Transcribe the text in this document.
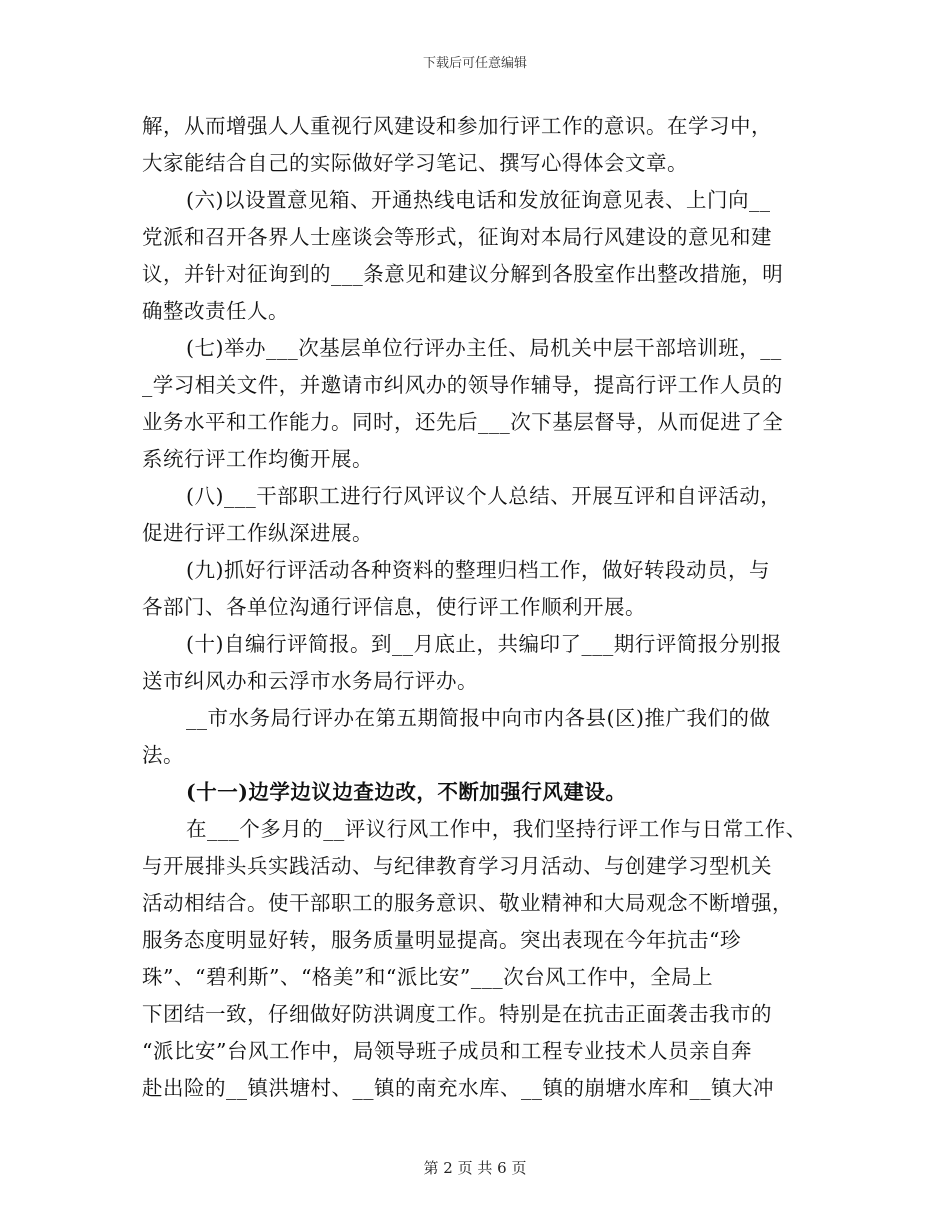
下载后可任意编辑
解，从而增强人人重视行风建设和参加行评工作的意识。在学习中，
大家能结合自己的实际做好学习笔记、撰写心得体会文章。
(六)以设置意见箱、开通热线电话和发放征询意见表、上门向__
党派和召开各界人士座谈会等形式，征询对本局行风建设的意见和建
议，并针对征询到的___条意见和建议分解到各股室作出整改措施，明
确整改责任人。
(七)举办___次基层单位行评办主任、局机关中层干部培训班，__
_学习相关文件，并邀请市纠风办的领导作辅导，提高行评工作人员的
业务水平和工作能力。同时，还先后___次下基层督导，从而促进了全
系统行评工作均衡开展。
(八)___干部职工进行行风评议个人总结、开展互评和自评活动，
促进行评工作纵深进展。
(九)抓好行评活动各种资料的整理归档工作，做好转段动员，与
各部门、各单位沟通行评信息，使行评工作顺利开展。
(十)自编行评简报。到__月底止，共编印了___期行评简报分别报
送市纠风办和云浮市水务局行评办。
__市水务局行评办在第五期简报中向市内各县(区)推广我们的做
法。
(十一)边学边议边查边改，不断加强行风建设。
在___个多月的__评议行风工作中，我们坚持行评工作与日常工作、
与开展排头兵实践活动、与纪律教育学习月活动、与创建学习型机关
活动相结合。使干部职工的服务意识、敬业精神和大局观念不断增强，
服务态度明显好转，服务质量明显提高。突出表现在今年抗击“珍
珠”、“碧利斯”、“格美”和“派比安”___次台风工作中，全局上
下团结一致，仔细做好防洪调度工作。特别是在抗击正面袭击我市的
“派比安”台风工作中，局领导班子成员和工程专业技术人员亲自奔
赴出险的__镇洪塘村、__镇的南充水库、__镇的崩塘水库和__镇大冲
第 2 页 共 6 页
